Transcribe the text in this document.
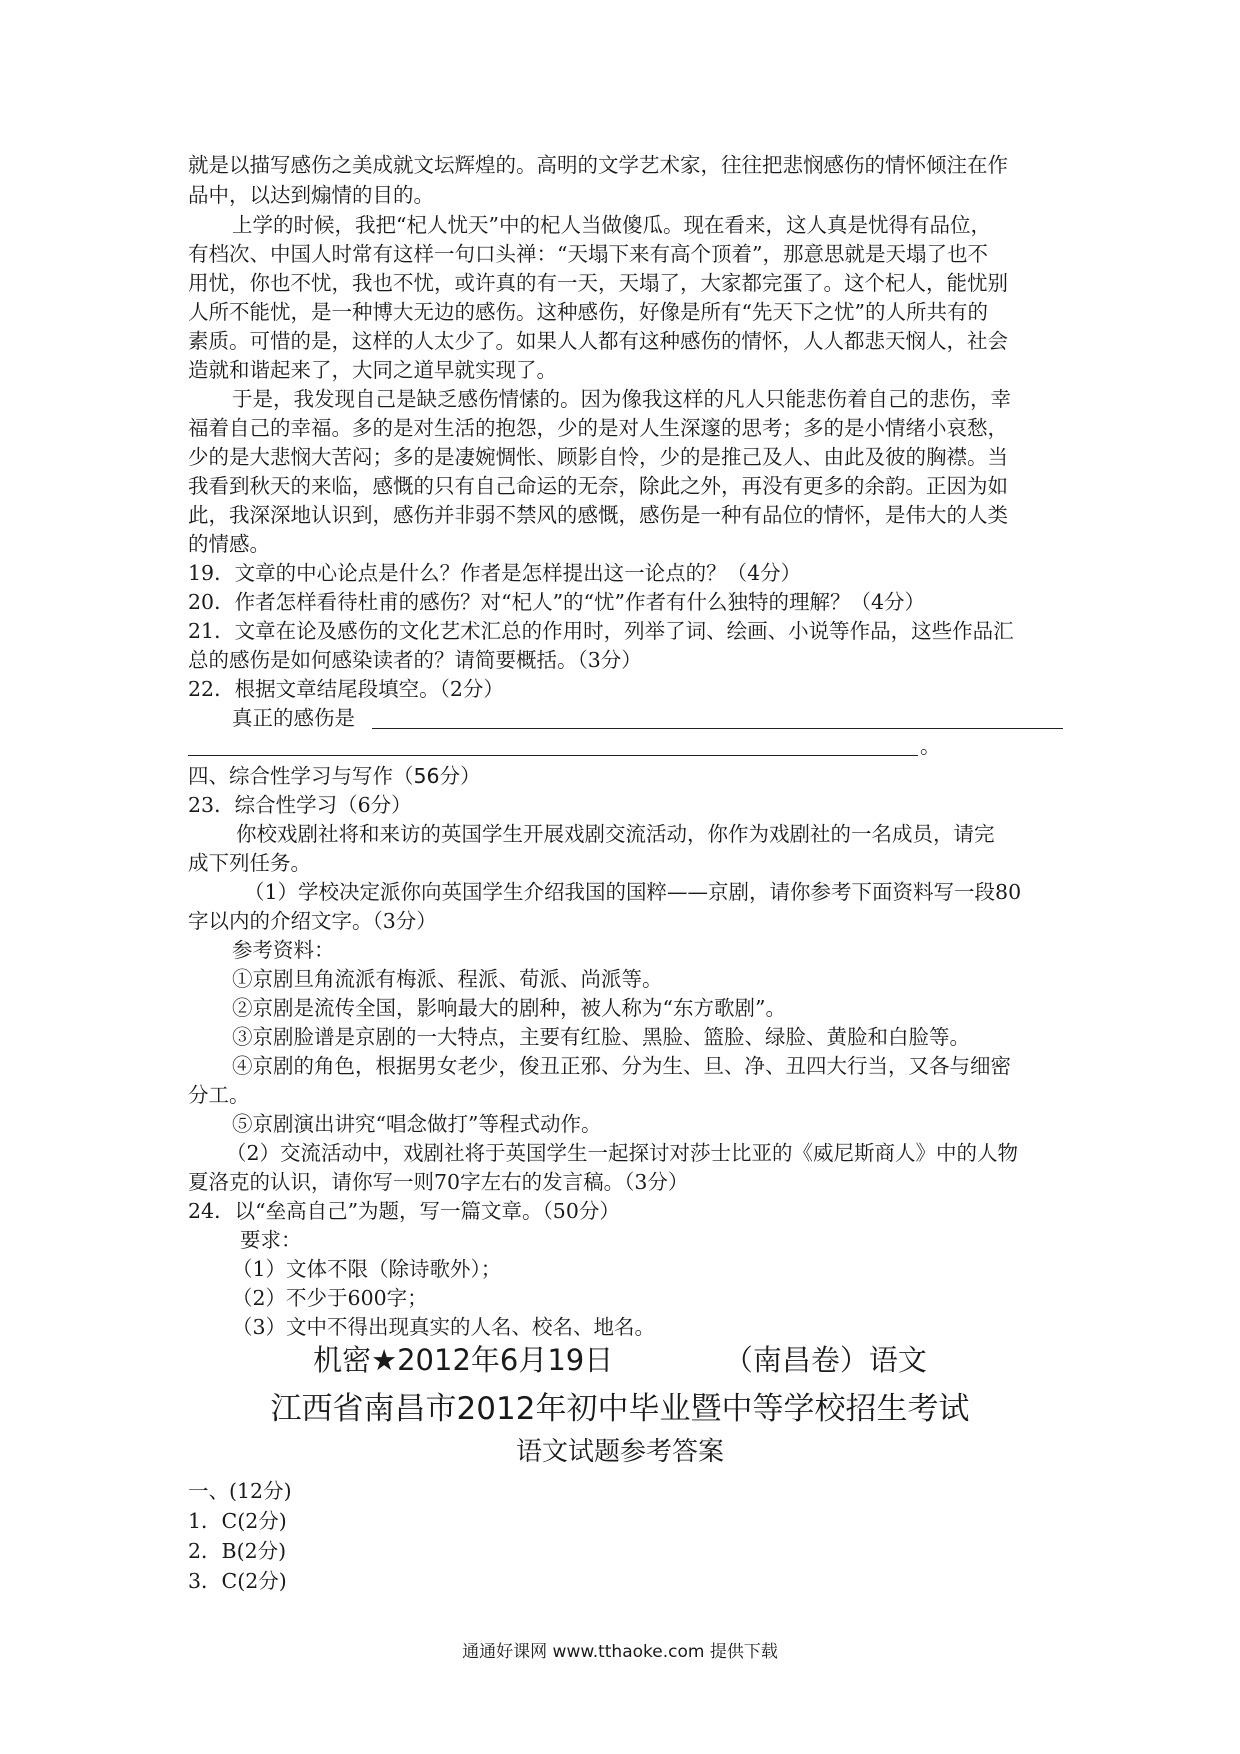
就是以描写感伤之美成就文坛辉煌的。高明的文学艺术家，往往把悲悯感伤的情怀倾注在作
品中，以达到煽情的目的。
上学的时候，我把“杞人忧天”中的杞人当做傻瓜。现在看来，这人真是忧得有品位，
有档次、中国人时常有这样一句口头禅：“天塌下来有高个顶着”，那意思就是天塌了也不
用忧，你也不忧，我也不忧，或许真的有一天，天塌了，大家都完蛋了。这个杞人，能忧别
人所不能忧，是一种博大无边的感伤。这种感伤，好像是所有“先天下之忧”的人所共有的
素质。可惜的是，这样的人太少了。如果人人都有这种感伤的情怀，人人都悲天悯人，社会
造就和谐起来了，大同之道早就实现了。
于是，我发现自己是缺乏感伤情愫的。因为像我这样的凡人只能悲伤着自己的悲伤，幸
福着自己的幸福。多的是对生活的抱怨，少的是对人生深邃的思考；多的是小情绪小哀愁，
少的是大悲悯大苦闷；多的是凄婉惆怅、顾影自怜，少的是推己及人、由此及彼的胸襟。当
我看到秋天的来临，感慨的只有自己命运的无奈，除此之外，再没有更多的余韵。正因为如
此，我深深地认识到，感伤并非弱不禁风的感慨，感伤是一种有品位的情怀，是伟大的人类
的情感。
19．文章的中心论点是什么？作者是怎样提出这一论点的？（4分）
20．作者怎样看待杜甫的感伤？对“杞人”的“忧”作者有什么独特的理解？（4分）
21．文章在论及感伤的文化艺术汇总的作用时，列举了词、绘画、小说等作品，这些作品汇
总的感伤是如何感染读者的？请简要概括。（3分）
22．根据文章结尾段填空。（2分）
真正的感伤是
。
四、综合性学习与写作（56分）
23．综合性学习（6分）
你校戏剧社将和来访的英国学生开展戏剧交流活动，你作为戏剧社的一名成员，请完
成下列任务。
（1）学校决定派你向英国学生介绍我国的国粹——京剧，请你参考下面资料写一段80
字以内的介绍文字。（3分）
参考资料：
①京剧旦角流派有梅派、程派、荀派、尚派等。
②京剧是流传全国，影响最大的剧种，被人称为“东方歌剧”。
③京剧脸谱是京剧的一大特点，主要有红脸、黑脸、篮脸、绿脸、黄脸和白脸等。
④京剧的角色，根据男女老少，俊丑正邪、分为生、旦、净、丑四大行当，又各与细密
分工。
⑤京剧演出讲究“唱念做打”等程式动作。
（2）交流活动中，戏剧社将于英国学生一起探讨对莎士比亚的《威尼斯商人》中的人物
夏洛克的认识，请你写一则70字左右的发言稿。（3分）
24．以“垒高自己”为题，写一篇文章。（50分）
要求：
（1）文体不限（除诗歌外）；
（2）不少于600字；
（3）文中不得出现真实的人名、校名、地名。
机密★2012年6月19日            （南昌卷）语文
江西省南昌市2012年初中毕业暨中等学校招生考试
语文试题参考答案
一、(12分)
1．C(2分)
2．B(2分)
3．C(2分)
通通好课网 www.tthaoke.com 提供下载
